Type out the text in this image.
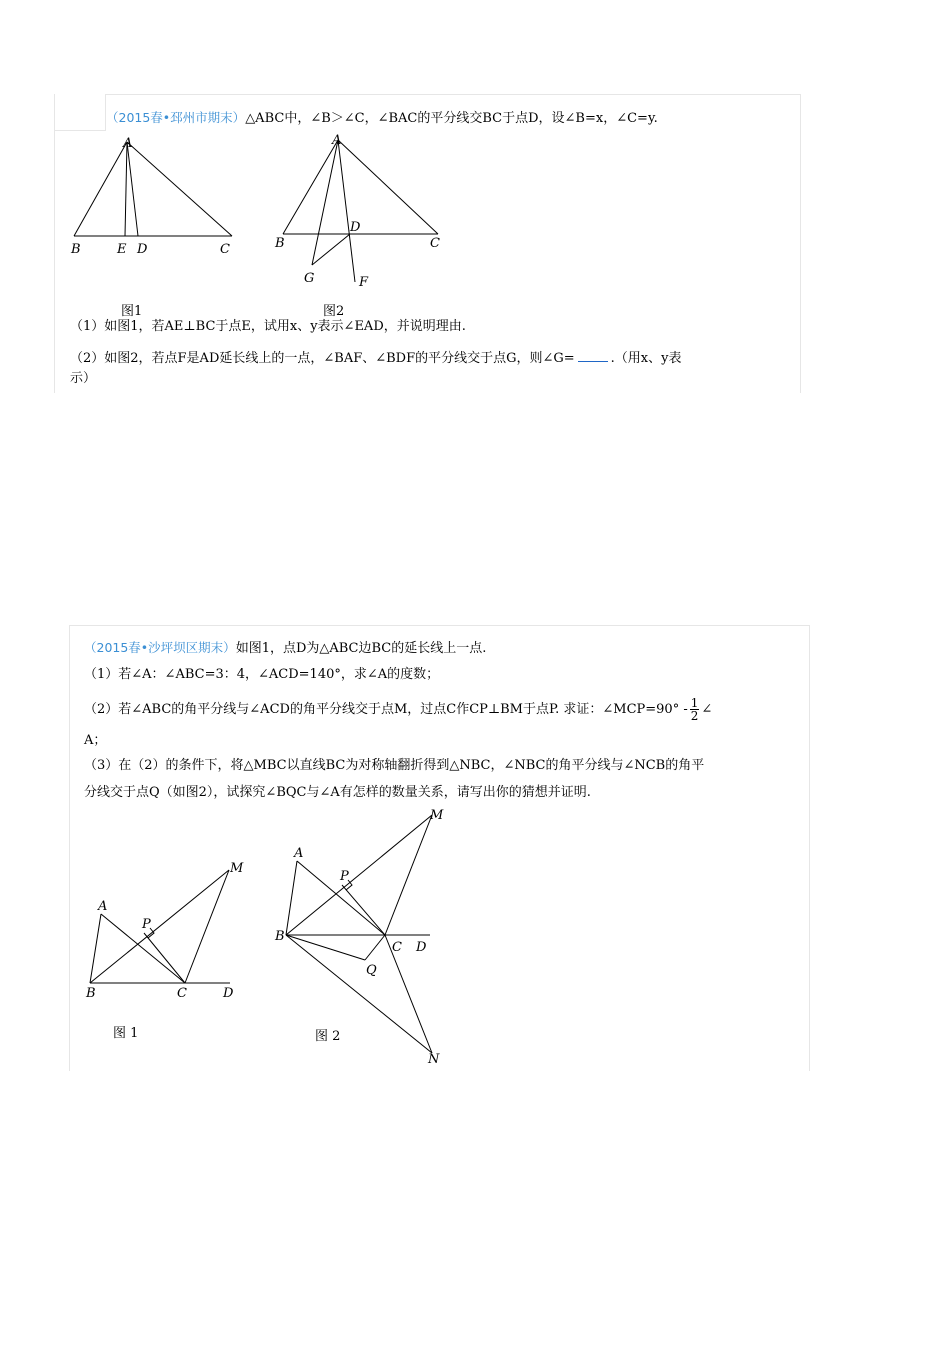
（2015春•邳州市期末）△ABC中，∠B＞∠C，∠BAC的平分线交BC于点D，设∠B=x，∠C=y.
A
B	E D	C
图1
A
B
D
C
G	F
图2
（1）如图1，若AE⊥BC于点E，试用x、y表示∠EAD，并说明理由.
（2）如图2，若点F是AD延长线上的一点，∠BAF、∠BDF的平分线交于点G，则∠G=	.（用x、y表
示）
（2015春•沙坪坝区期末）如图1，点D为△ABC边BC的延长线上一点.
（1）若∠A：∠ABC=3：4，∠ACD=140°，求∠A的度数；
（2）若∠ABC的角平分线与∠ACD的角平分线交于点M，过点C作CP⊥BM于点P. 求证：∠MCP=90° - $\frac{1}{2}$ ∠
A；
（3）在（2）的条件下，将△MBC以直线BC为对称轴翻折得到△NBC，∠NBC的角平分线与∠NCB的角平
分线交于点Q（如图2），试探究∠BQC与∠A有怎样的数量关系，请写出你的猜想并证明.
A
P
M
B	C	D
图 1
M
A
P
B
C D
Q
N
图 2
